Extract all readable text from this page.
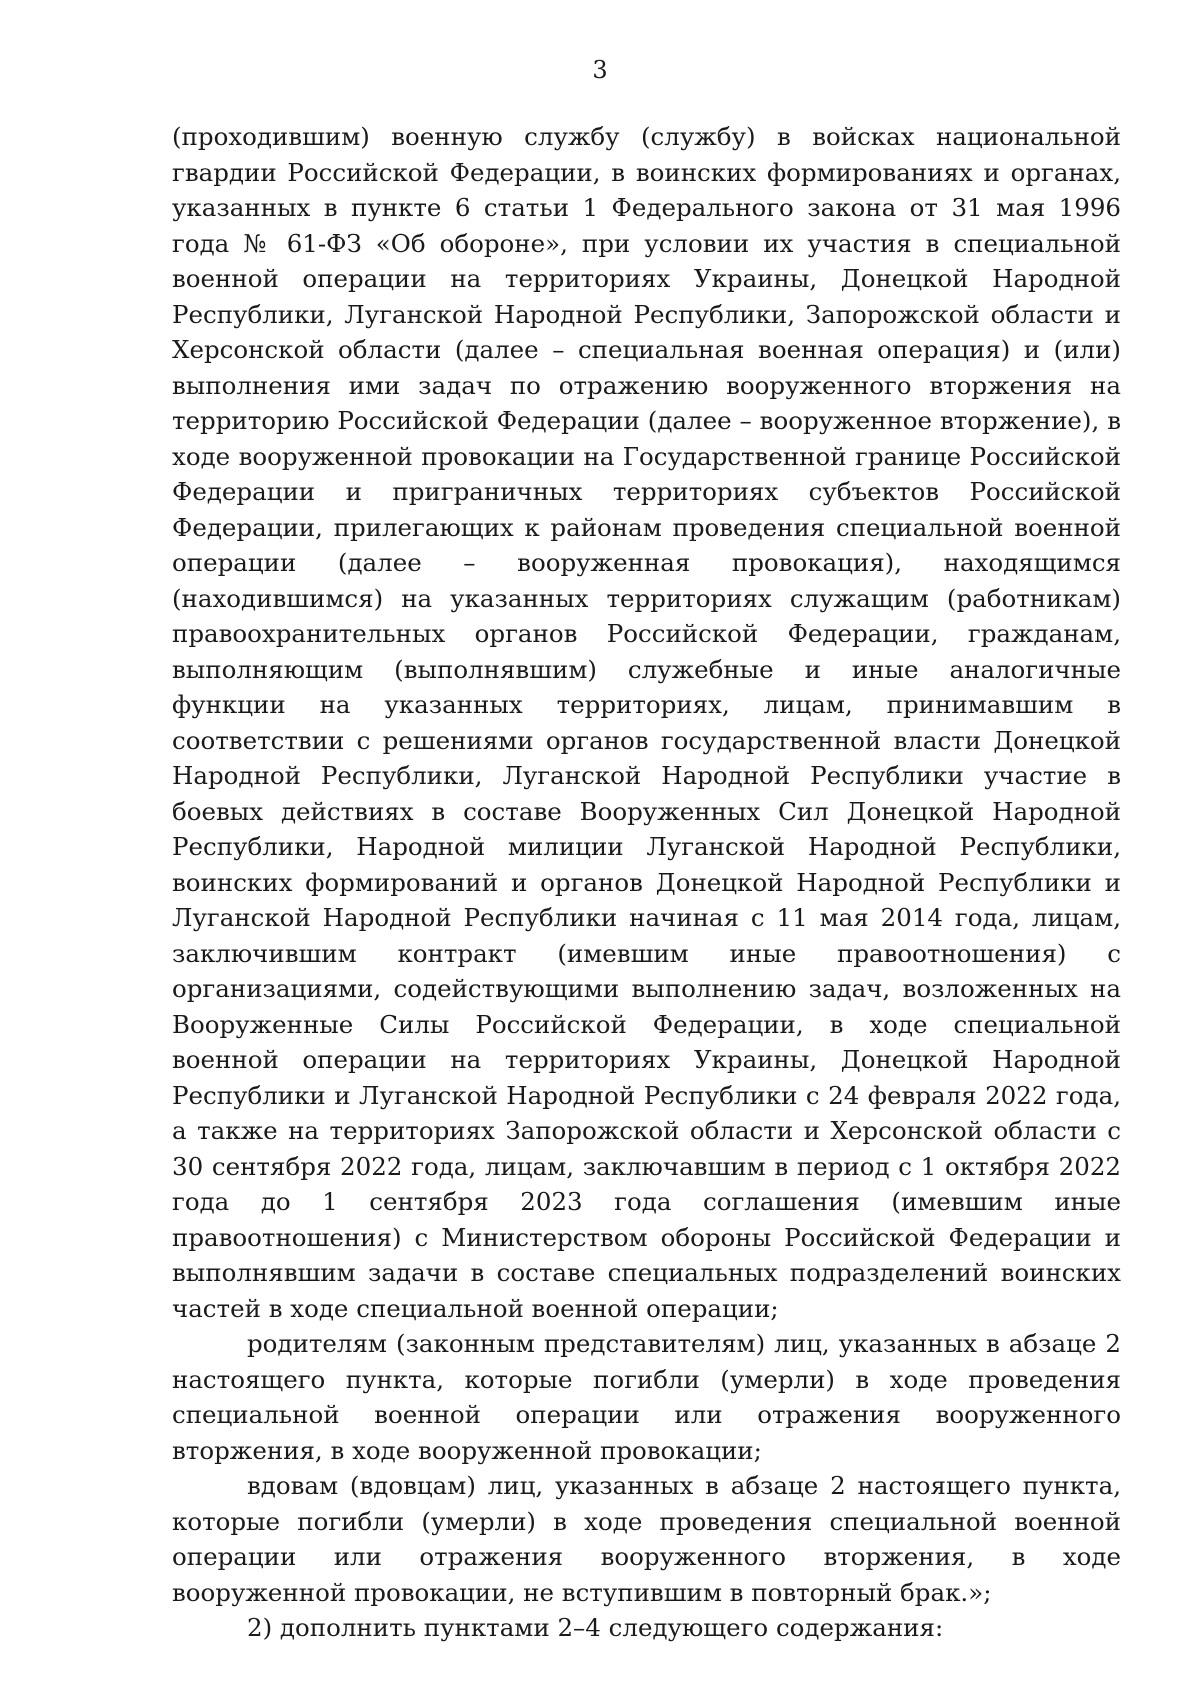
3

(проходившим) военную службу (службу) в войсках национальной гвардии Российской Федерации, в воинских формированиях и органах, указанных в пункте 6 статьи 1 Федерального закона от 31 мая 1996 года № 61-ФЗ «Об обороне», при условии их участия в специальной военной операции на территориях Украины, Донецкой Народной Республики, Луганской Народной Республики, Запорожской области и Херсонской области (далее – специальная военная операция) и (или) выполнения ими задач по отражению вооруженного вторжения на территорию Российской Федерации (далее – вооруженное вторжение), в ходе вооруженной провокации на Государственной границе Российской Федерации и приграничных территориях субъектов Российской Федерации, прилегающих к районам проведения специальной военной операции (далее – вооруженная провокация), находящимся (находившимся) на указанных территориях служащим (работникам) правоохранительных органов Российской Федерации, гражданам, выполняющим (выполнявшим) служебные и иные аналогичные функции на указанных территориях, лицам, принимавшим в соответствии с решениями органов государственной власти Донецкой Народной Республики, Луганской Народной Республики участие в боевых действиях в составе Вооруженных Сил Донецкой Народной Республики, Народной милиции Луганской Народной Республики, воинских формирований и органов Донецкой Народной Республики и Луганской Народной Республики начиная с 11 мая 2014 года, лицам, заключившим контракт (имевшим иные правоотношения) с организациями, содействующими выполнению задач, возложенных на Вооруженные Силы Российской Федерации, в ходе специальной военной операции на территориях Украины, Донецкой Народной Республики и Луганской Народной Республики с 24 февраля 2022 года, а также на территориях Запорожской области и Херсонской области с 30 сентября 2022 года, лицам, заключавшим в период с 1 октября 2022 года до 1 сентября 2023 года соглашения (имевшим иные правоотношения) с Министерством обороны Российской Федерации и выполнявшим задачи в составе специальных подразделений воинских частей в ходе специальной военной операции;

родителям (законным представителям) лиц, указанных в абзаце 2 настоящего пункта, которые погибли (умерли) в ходе проведения специальной военной операции или отражения вооруженного вторжения, в ходе вооруженной провокации;

вдовам (вдовцам) лиц, указанных в абзаце 2 настоящего пункта, которые погибли (умерли) в ходе проведения специальной военной операции или отражения вооруженного вторжения, в ходе вооруженной провокации, не вступившим в повторный брак.»;

2) дополнить пунктами 2–4 следующего содержания:
